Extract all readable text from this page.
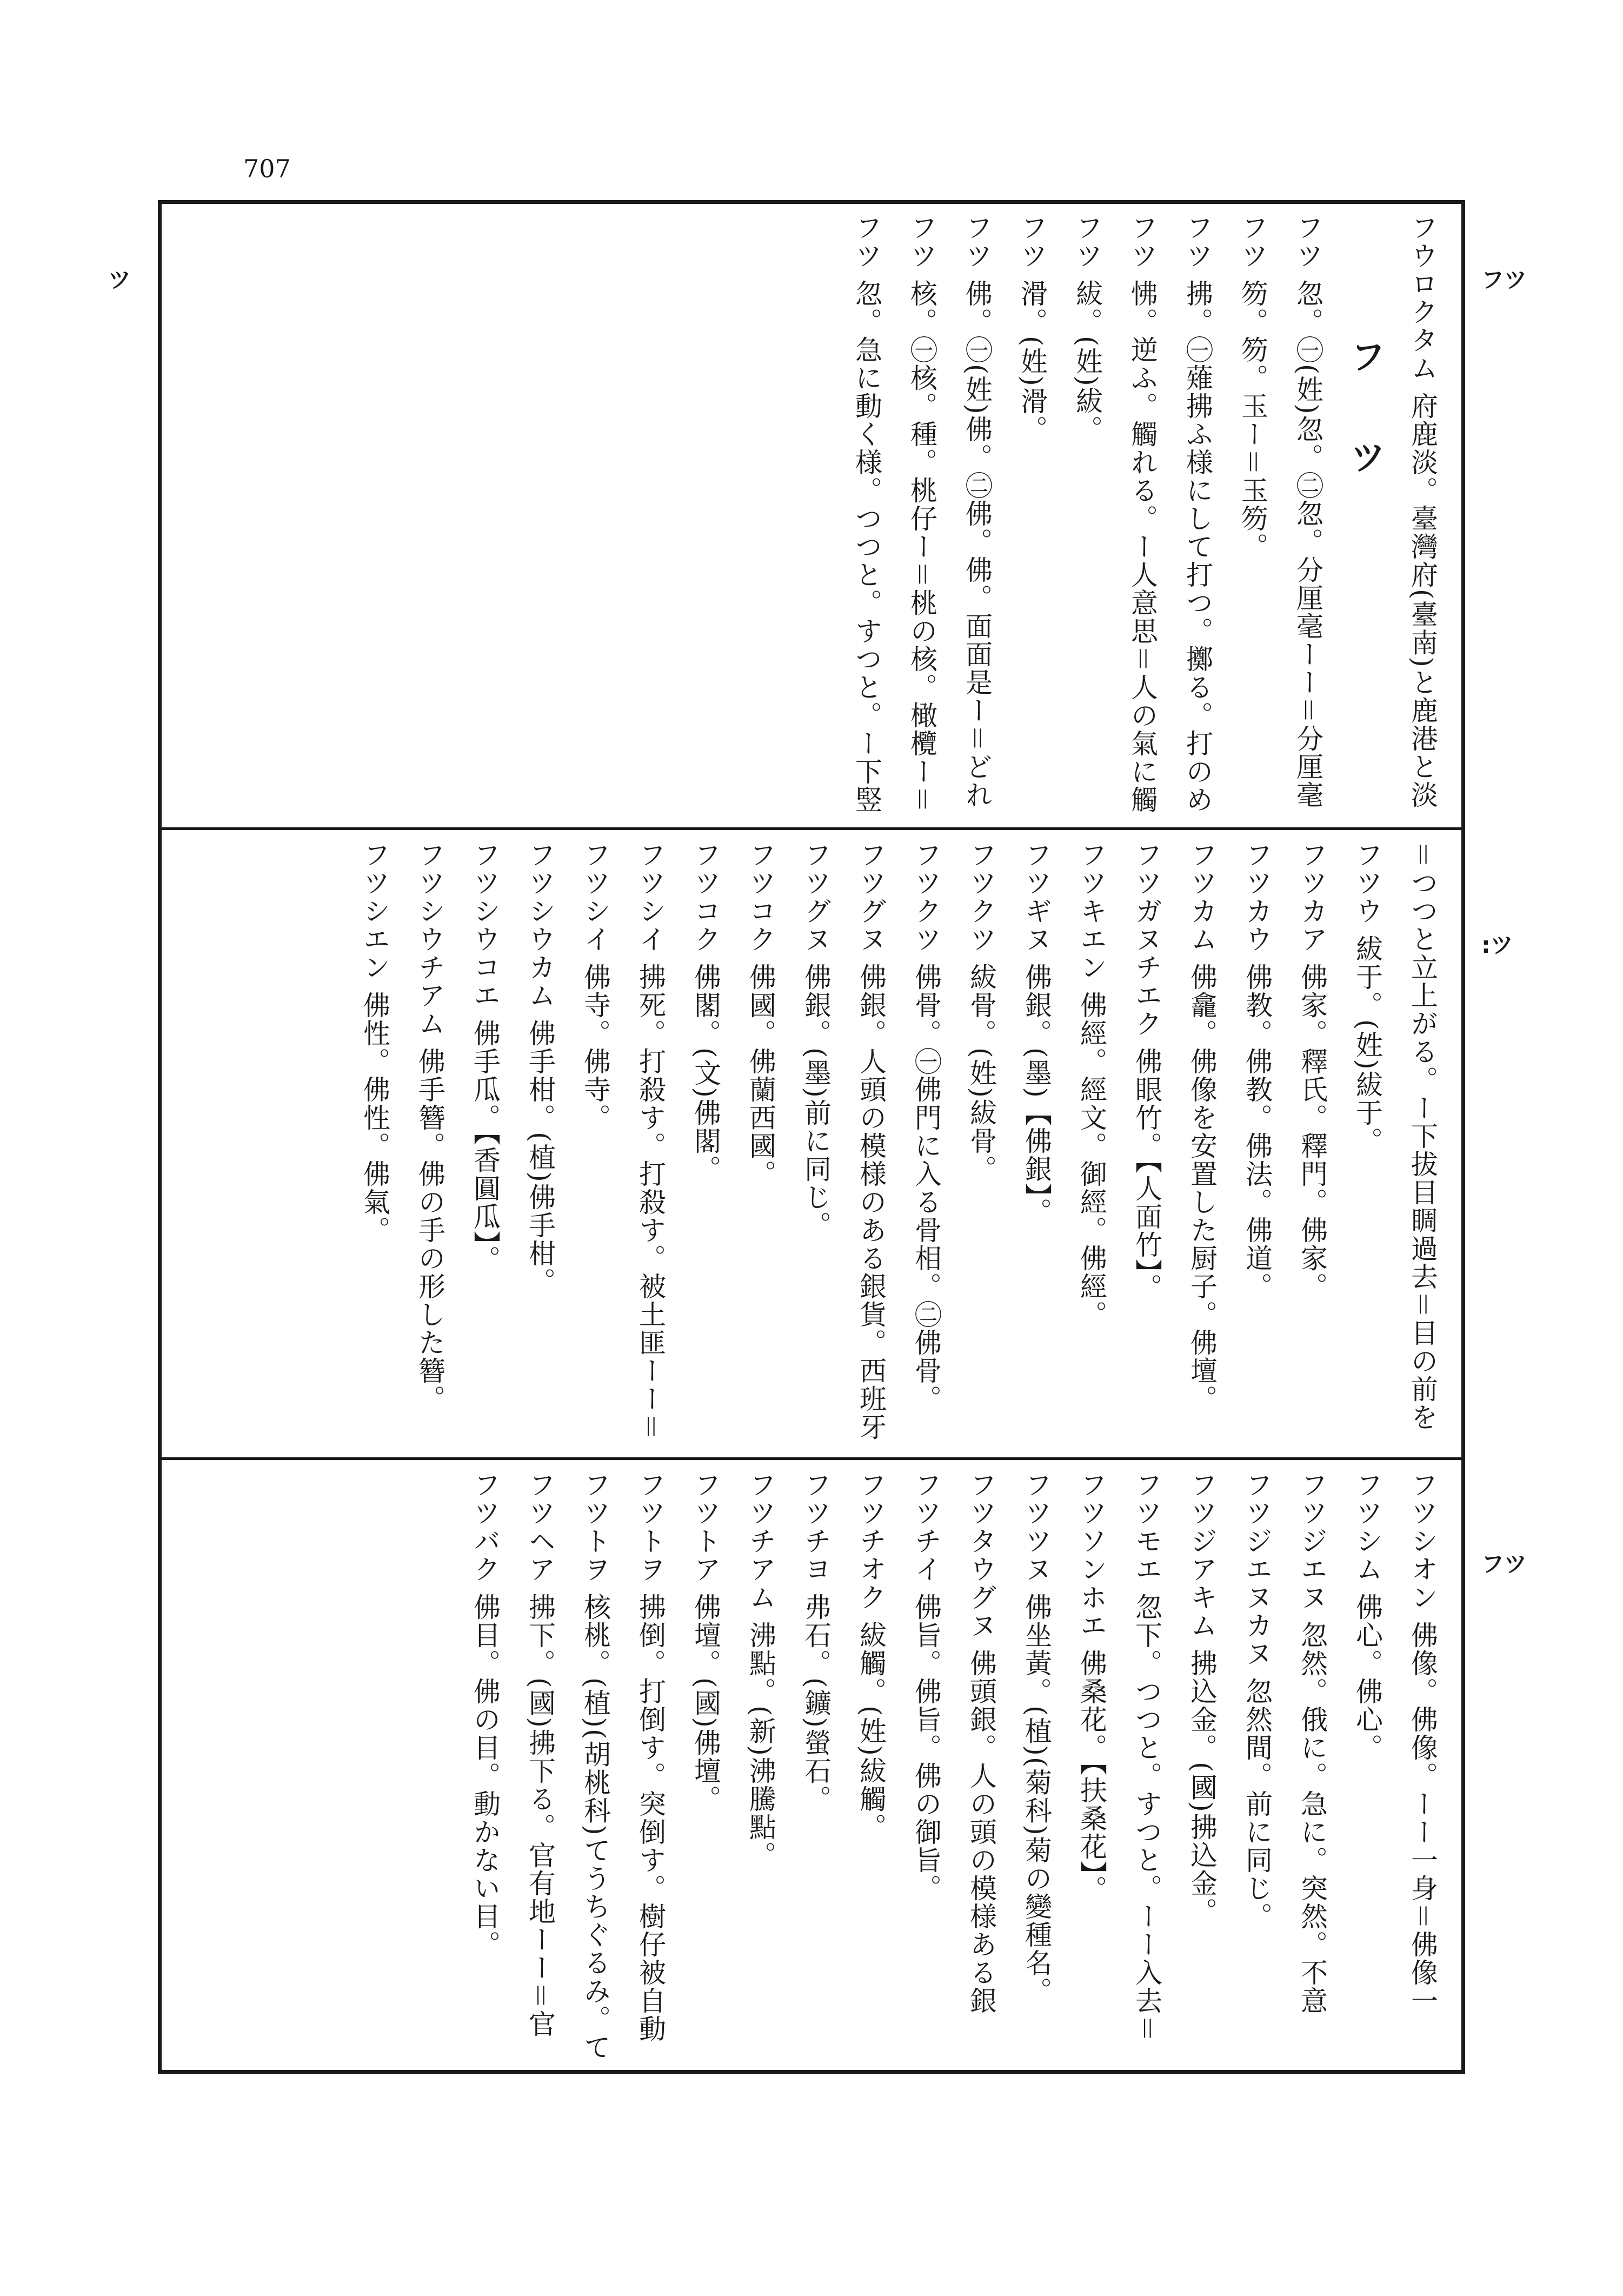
707
フツ
:ツ
フツ
ツ	フウロクタム 府鹿淡。臺灣府(臺南)と鹿港と淡
フツ
フツ 忽。㊀(姓)忽。㊁忽。分厘毫ーー＝分厘毫
フツ 笏。笏。玉ー＝玉笏。
フツ 拂。㊀薙拂ふ様にして打つ。擲る。打のめ
フツ 怫。逆ふ。觸れる。ー人意思＝人の氣に觸
フツ 紱。(姓)紱。
フツ 滑。(姓)滑。
フツ 佛。㊀(姓)佛。㊁佛。佛。面面是ー＝どれ
フツ 核。㊀核。種。桃仔ー＝桃の核。橄欖ー＝
フツ 忽。急に動く様。つつと。すつと。ー下竪
＝つつと立上がる。ー下拔目睭過去＝目の前を
フツウ 紱于。(姓)紱于。
フツカア 佛家。釋氏。釋門。佛家。
フツカウ 佛教。佛教。佛法。佛道。
フツカム 佛龕。佛像を安置した厨子。佛壇。
フツガヌチエク 佛眼竹。【人面竹】。
フツキエン 佛經。經文。御經。佛經。
フツギヌ 佛銀。(墨)【佛銀】。
フツクツ 紱骨。(姓)紱骨。
フツクツ 佛骨。㊀佛門に入る骨相。㊁佛骨。
フツグヌ 佛銀。人頭の模様のある銀貨。西班牙
フツグヌ 佛銀。(墨)前に同じ。
フツコク 佛國。佛蘭西國。
フツコク 佛閣。(文)佛閣。
フツシイ 拂死。打殺す。打殺す。被土匪ーー＝
フツシイ 佛寺。佛寺。
フツシウカム 佛手柑。(植)佛手柑。
フツシウコエ 佛手瓜。【香圓瓜】。
フツシウチアム 佛手簪。佛の手の形した簪。
フツシエン 佛性。佛性。佛氣。
フツシオン 佛像。佛像。ーー一身＝佛像一
フツシム 佛心。佛心。
フツジエヌ 忽然。俄に。急に。突然。不意
フツジエヌカヌ 忽然間。前に同じ。
フツジアキム 拂込金。(國)拂込金。
フツモエ 忽下。つつと。すつと。ーー入去＝
フツソンホエ 佛桑花。【扶桑花】。
フツツヌ 佛坐黃。(植)(菊科)菊の變種名。
フツタウグヌ 佛頭銀。人の頭の模様ある銀
フツチイ 佛旨。佛旨。佛の御旨。
フツチオク 紱觸。(姓)紱觸。
フツチヨ 弗石。(鑛)螢石。
フツチアム 沸點。(新)沸騰點。
フツトア 佛壇。(國)佛壇。
フツトヲ 拂倒。打倒す。突倒す。樹仔被自動
フツトヲ 核桃。(植)(胡桃科)てうちぐるみ。て
フツヘア 拂下。(國)拂下る。官有地ーー＝官
フツバク 佛目。佛の目。動かない目。
